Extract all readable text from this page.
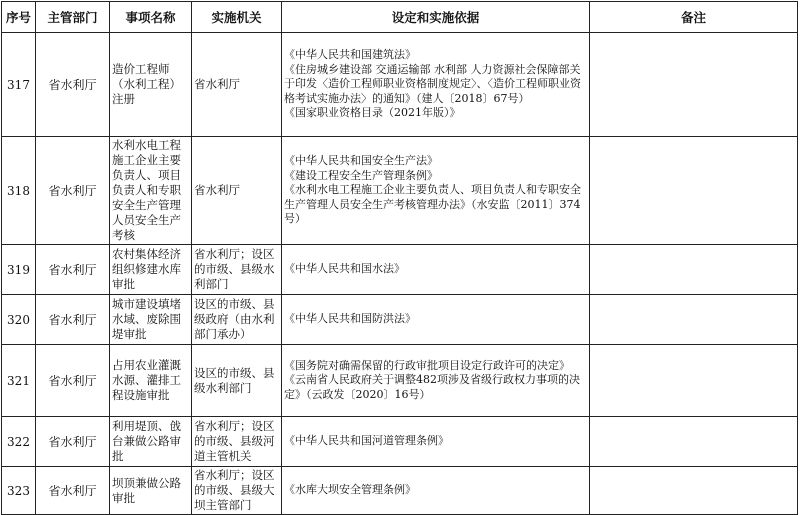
序号	主管部门	事项名称	实施机关	设定和实施依据	备注
317	省水利厅	造价工程师（水利工程）注册	省水利厅	《中华人民共和国建筑法》
《住房城乡建设部 交通运输部 水利部 人力资源社会保障部关于印发〈造价工程师职业资格制度规定〉、〈造价工程师职业资格考试实施办法〉的通知》（建人〔2018〕67号）
《国家职业资格目录（2021年版）》	

318	省水利厅	水利水电工程施工企业主要负责人、项目负责人和专职安全生产管理人员安全生产考核	省水利厅	《中华人民共和国安全生产法》
《建设工程安全生产管理条例》
《水利水电工程施工企业主要负责人、项目负责人和专职安全生产管理人员安全生产考核管理办法》（水安监〔2011〕374号）	

319	省水利厅	农村集体经济组织修建水库审批	省水利厅；设区的市级、县级水利部门	《中华人民共和国水法》	

320	省水利厅	城市建设填堵水域、废除围堤审批	设区的市级、县级政府（由水利部门承办）	《中华人民共和国防洪法》	

321	省水利厅	占用农业灌溉水源、灌排工程设施审批	设区的市级、县级水利部门	《国务院对确需保留的行政审批项目设定行政许可的决定》
《云南省人民政府关于调整482项涉及省级行政权力事项的决定》（云政发〔2020〕16号）	

322	省水利厅	利用堤顶、戗台兼做公路审批	省水利厅；设区的市级、县级河道主管机关	《中华人民共和国河道管理条例》	

323	省水利厅	坝顶兼做公路审批	省水利厅；设区的市级、县级大坝主管部门	《水库大坝安全管理条例》	
